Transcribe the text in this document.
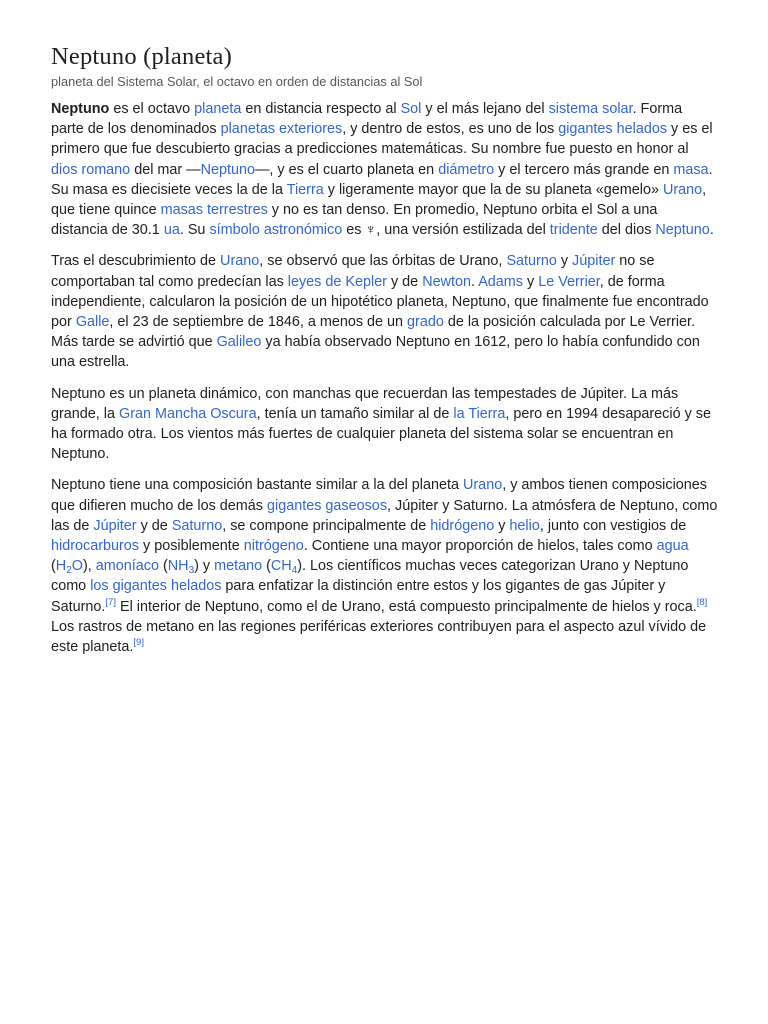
Neptuno (planeta)
planeta del Sistema Solar, el octavo en orden de distancias al Sol

Neptuno es el octavo planeta en distancia respecto al Sol y el más lejano del sistema solar. Forma parte de los denominados planetas exteriores, y dentro de estos, es uno de los gigantes helados y es el primero que fue descubierto gracias a predicciones matemáticas. Su nombre fue puesto en honor al dios romano del mar —Neptuno—, y es el cuarto planeta en diámetro y el tercero más grande en masa. Su masa es diecisiete veces la de la Tierra y ligeramente mayor que la de su planeta «gemelo» Urano, que tiene quince masas terrestres y no es tan denso. En promedio, Neptuno orbita el Sol a una distancia de 30.1 ua. Su símbolo astronómico es ♆, una versión estilizada del tridente del dios Neptuno.

Tras el descubrimiento de Urano, se observó que las órbitas de Urano, Saturno y Júpiter no se comportaban tal como predecían las leyes de Kepler y de Newton. Adams y Le Verrier, de forma independiente, calcularon la posición de un hipotético planeta, Neptuno, que finalmente fue encontrado por Galle, el 23 de septiembre de 1846, a menos de un grado de la posición calculada por Le Verrier. Más tarde se advirtió que Galileo ya había observado Neptuno en 1612, pero lo había confundido con una estrella.

Neptuno es un planeta dinámico, con manchas que recuerdan las tempestades de Júpiter. La más grande, la Gran Mancha Oscura, tenía un tamaño similar al de la Tierra, pero en 1994 desapareció y se ha formado otra. Los vientos más fuertes de cualquier planeta del sistema solar se encuentran en Neptuno.

Neptuno tiene una composición bastante similar a la del planeta Urano, y ambos tienen composiciones que difieren mucho de los demás gigantes gaseosos, Júpiter y Saturno. La atmósfera de Neptuno, como las de Júpiter y de Saturno, se compone principalmente de hidrógeno y helio, junto con vestigios de hidrocarburos y posiblemente nitrógeno. Contiene una mayor proporción de hielos, tales como agua $(H_2O)$, amoníaco $(NH_3)$ y metano $(CH_4)$. Los científicos muchas veces categorizan Urano y Neptuno como los gigantes helados para enfatizar la distinción entre estos y los gigantes de gas Júpiter y Saturno.[7] El interior de Neptuno, como el de Urano, está compuesto principalmente de hielos y roca.[8] Los rastros de metano en las regiones periféricas exteriores contribuyen para el aspecto azul vívido de este planeta.[9]
